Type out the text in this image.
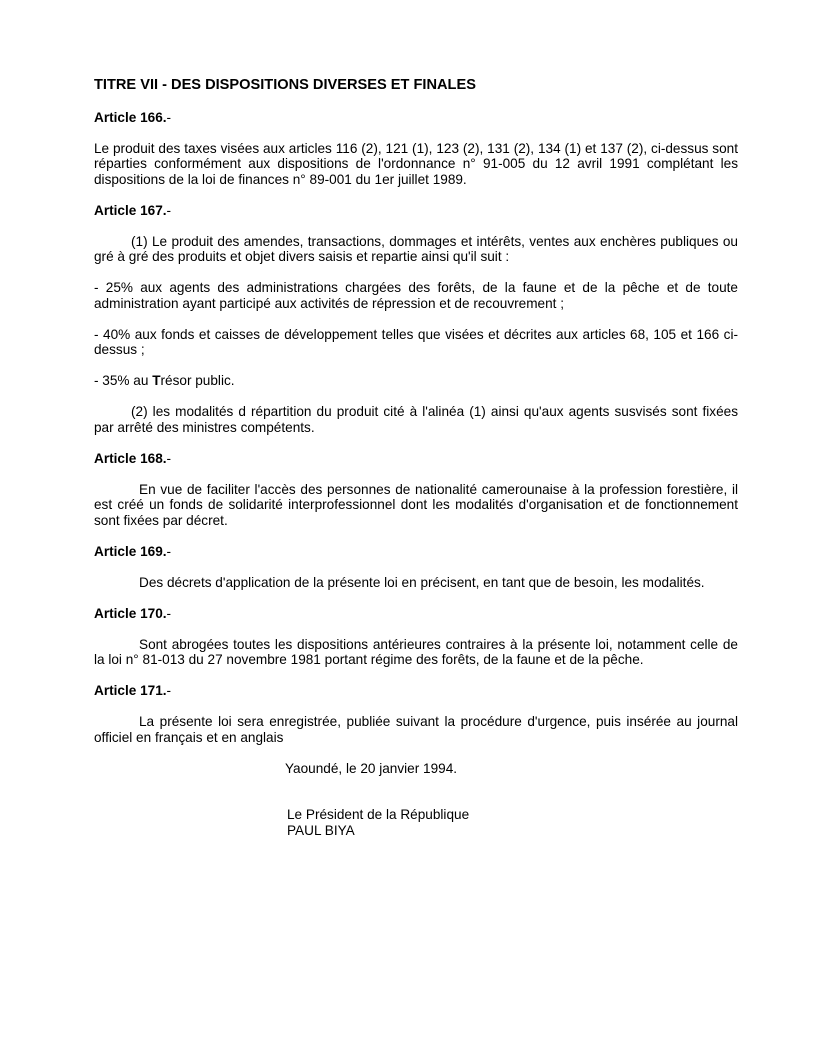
TITRE VII - DES DISPOSITIONS DIVERSES ET FINALES
Article 166.-

Le produit des taxes visées aux articles 116 (2), 121 (1), 123 (2), 131 (2), 134 (1) et 137 (2), ci-dessus sont réparties conformément aux dispositions de l'ordonnance n° 91-005 du 12 avril 1991 complétant les dispositions de la loi de finances n° 89-001 du 1er juillet 1989.

Article 167.-

(1) Le produit des amendes, transactions, dommages et intérêts, ventes aux enchères publiques ou gré à gré des produits et objet divers saisis et repartie ainsi qu'il suit :

- 25% aux agents des administrations chargées des forêts, de la faune et de la pêche et de toute administration ayant participé aux activités de répression et de recouvrement ;

- 40% aux fonds et caisses de développement telles que visées et décrites aux articles 68, 105 et 166 ci-dessus ;

- 35% au Trésor public.

(2) les modalités d répartition du produit cité à l'alinéa (1) ainsi qu'aux agents susvisés sont fixées par arrêté des ministres compétents.

Article 168.-

En vue de faciliter l'accès des personnes de nationalité camerounaise à la profession forestière, il est créé un fonds de solidarité interprofessionnel dont les modalités d'organisation et de fonctionnement sont fixées par décret.

Article 169.-

Des décrets d'application de la présente loi en précisent, en tant que de besoin, les modalités.

Article 170.-

Sont abrogées toutes les dispositions antérieures contraires à la présente loi, notamment celle de la loi n° 81-013 du 27 novembre 1981 portant régime des forêts, de la faune et de la pêche.

Article 171.-

La présente loi sera enregistrée, publiée suivant la procédure d'urgence, puis insérée au journal officiel en français et en anglais

Yaoundé, le 20 janvier 1994.
Le Président de la République
PAUL BIYA
